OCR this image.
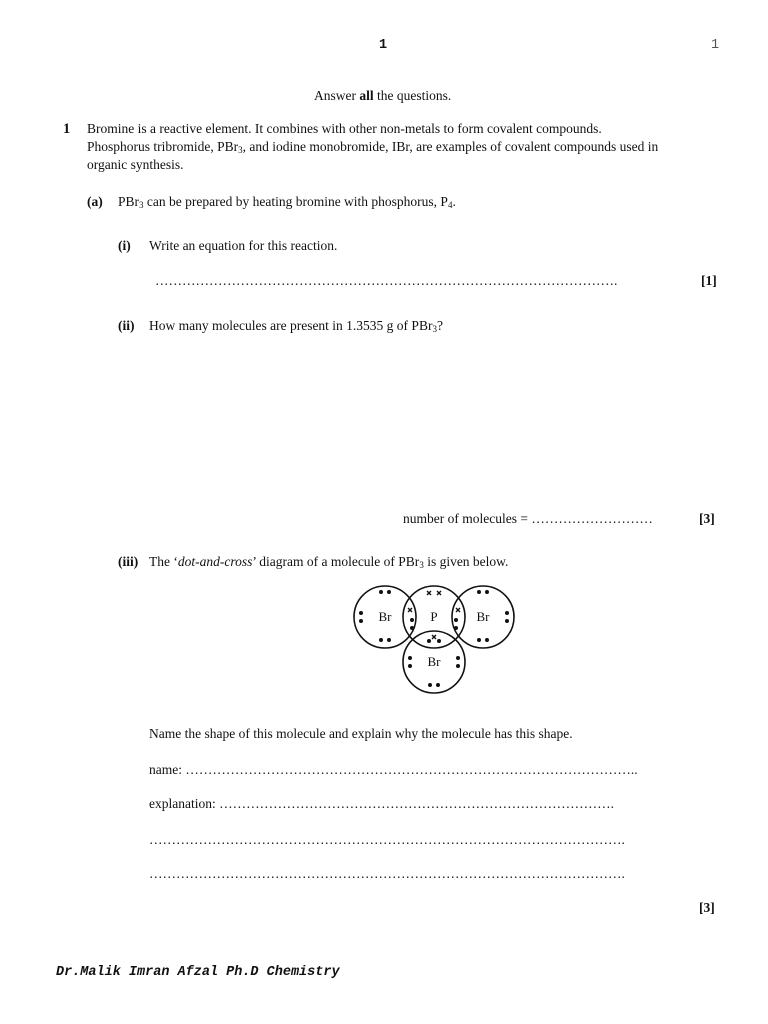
1	1
Answer all the questions.
1 Bromine is a reactive element. It combines with other non-metals to form covalent compounds.
Phosphorus tribromide, PBr$_3$, and iodine monobromide, IBr, are examples of covalent compounds used in
organic synthesis.
(a) PBr$_3$ can be prepared by heating bromine with phosphorus, $P_4$.
(i) Write an equation for this reaction.
………………………………………………………………………………………….	[1]
(ii) How many molecules are present in 1.3535 g of PBr$_3$?
number of molecules = ………………………	[3]
(iii) The ‘dot-and-cross’ diagram of a molecule of PBr$_3$ is given below.
Br	P	Br
Br
Name the shape of this molecule and explain why the molecule has this shape.
name: ………………………………………………………………………………………..
explanation: …………………………………………………………………………….
…………………………………………………………………………………………….
…………………………………………………………………………………………….
[3]
Dr.Malik Imran Afzal Ph.D Chemistry
